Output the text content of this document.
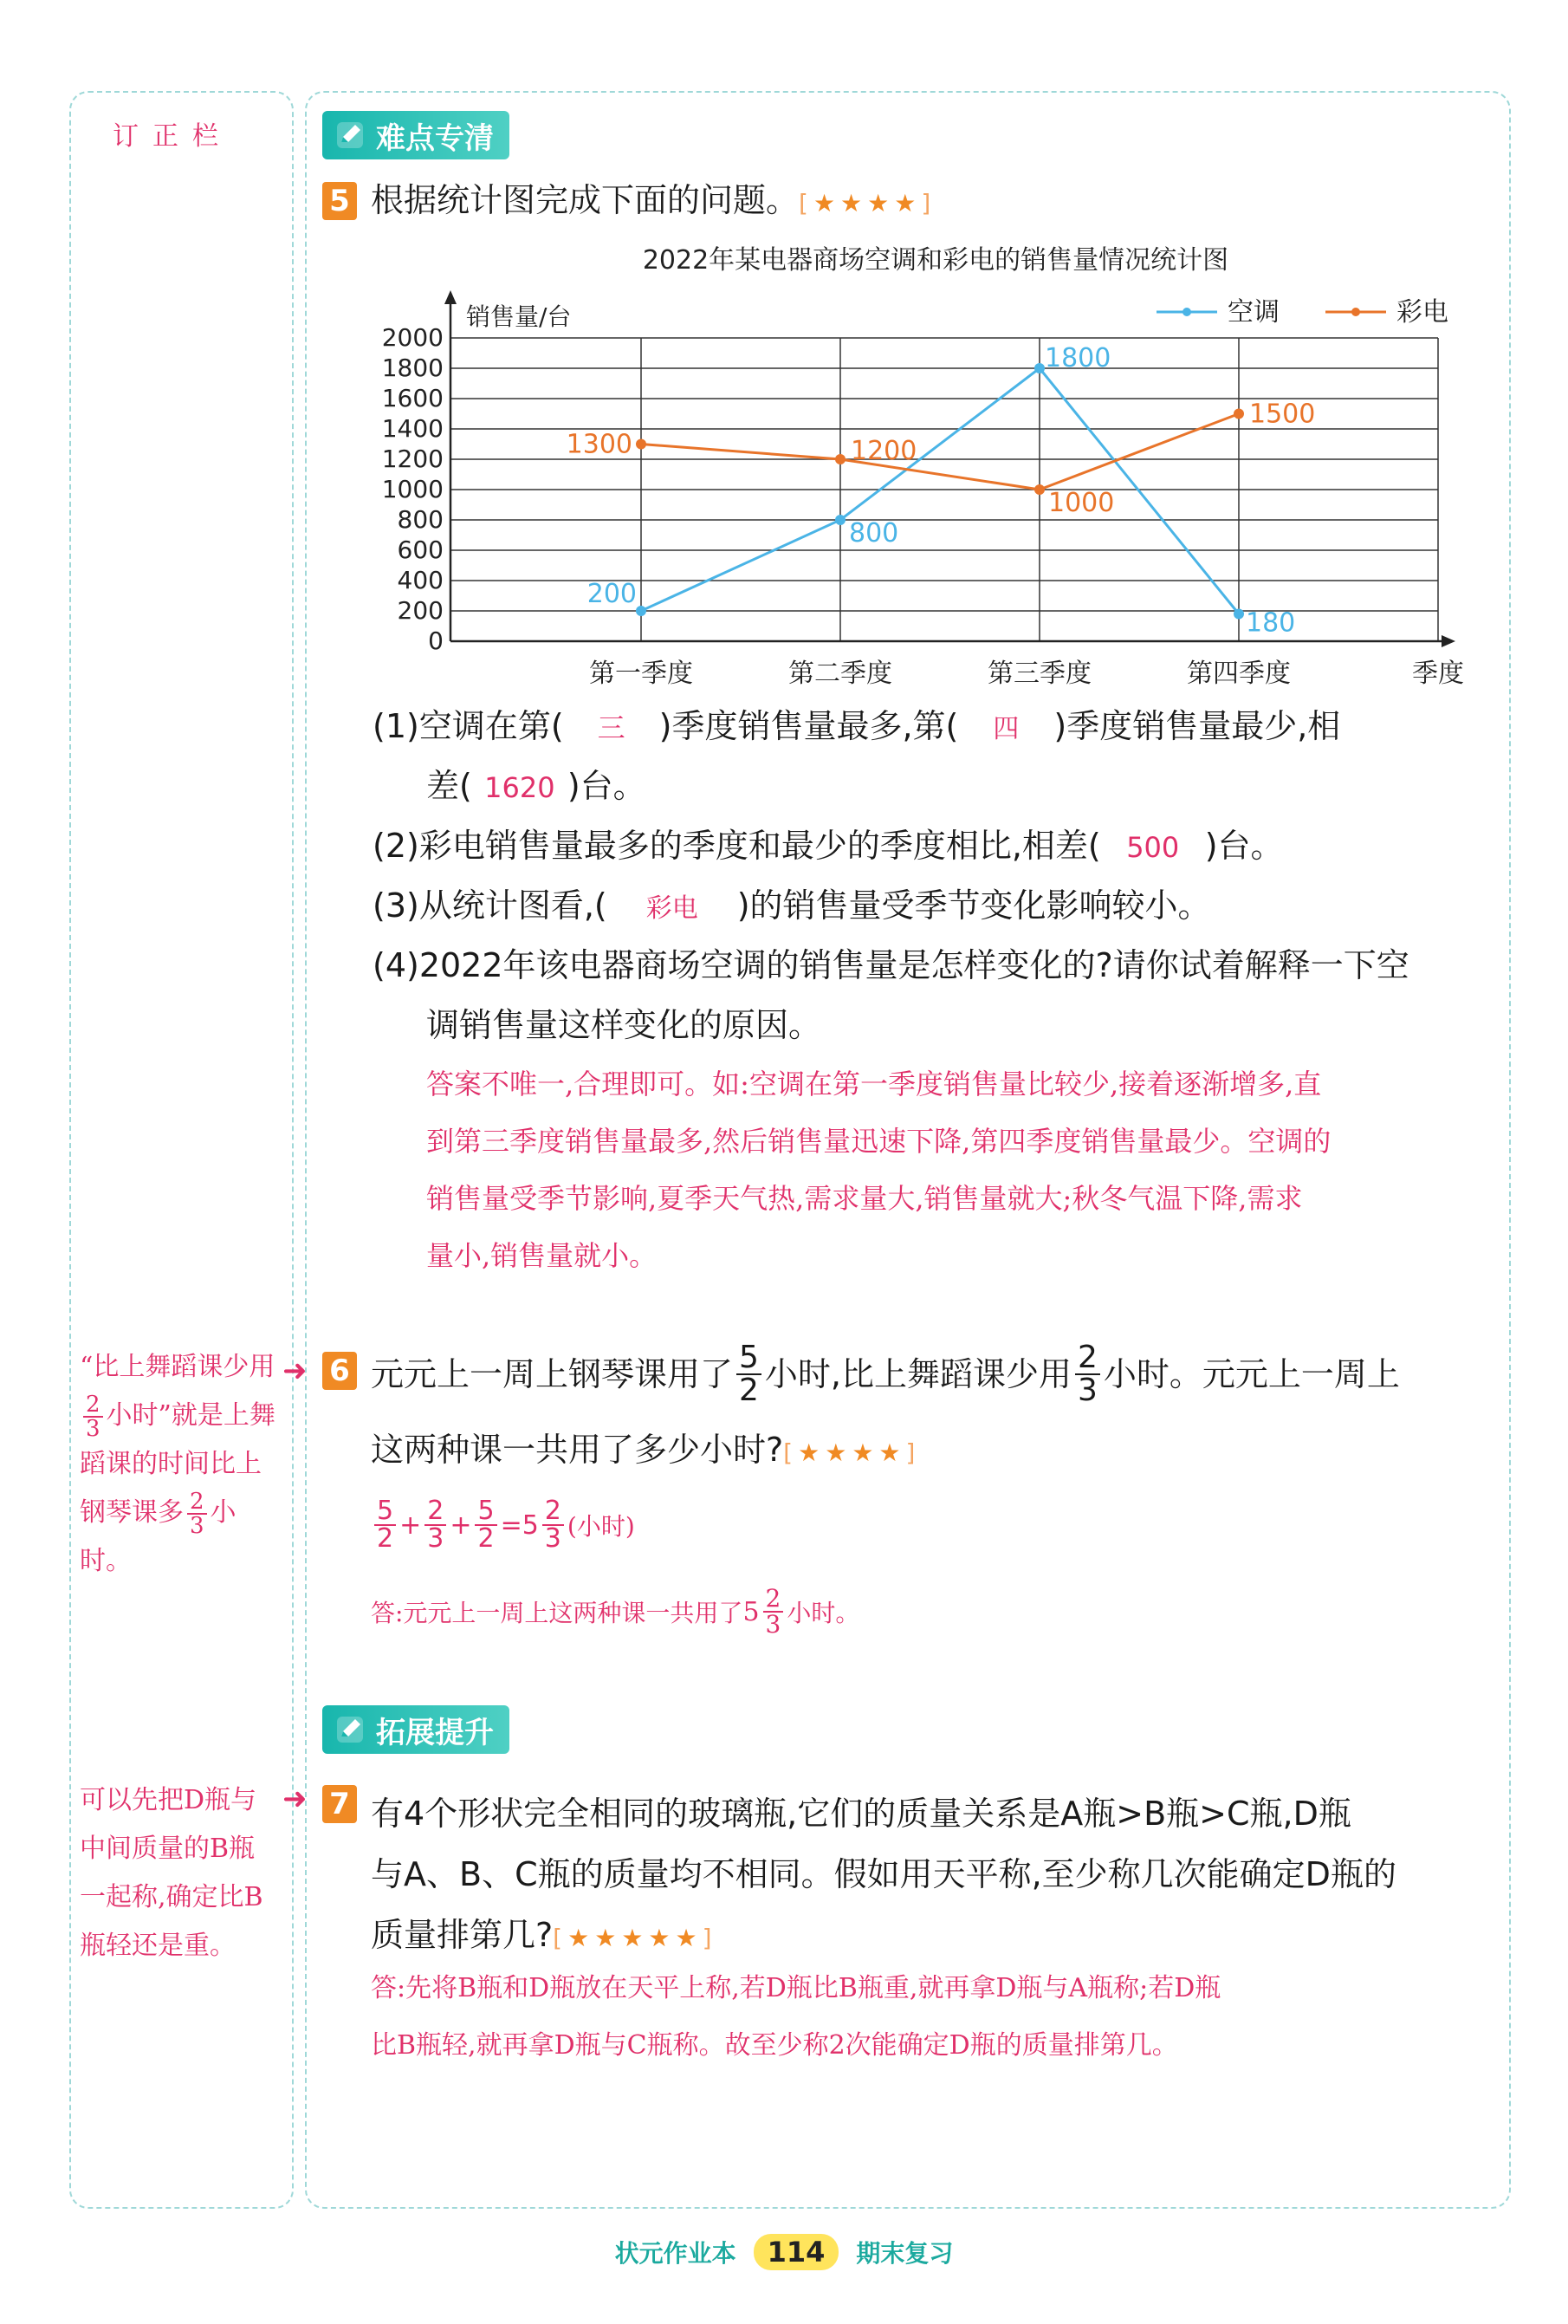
订正栏	难点专清
5 根据统计图完成下面的问题。[★★★★]
2022年某电器商场空调和彩电的销售量情况统计图
0
200
400
600
800
1000
1200
1400
1600
1800
2000
销售量/台
第一季度	第二季度	第三季度	第四季度	季度
空调	彩电
200
800
1800
180
1300	1200
1000
1500
(1)空调在第( 三 )季度销售量最多,第( 四 )季度销售量最少,相
差( 1620 )台。
(2)彩电销售量最多的季度和最少的季度相比,相差( 500 )台。
(3)从统计图看,( 彩电 )的销售量受季节变化影响较小。
(4)2022年该电器商场空调的销售量是怎样变化的?请你试着解释一下空
调销售量这样变化的原因。
答案不唯一,合理即可。如:空调在第一季度销售量比较少,接着逐渐增多,直
到第三季度销售量最多,然后销售量迅速下降,第四季度销售量最少。空调的
销售量受季节影响,夏季天气热,需求量大,销售量就大;秋冬气温下降,需求
量小,销售量就小。
“比上舞蹈课少用
$\frac{2}{3}$ 小时”就是上舞
蹈课的时间比上
钢琴课多 $\frac{2}{3}$ 小时。
➜ 6 元元上一周上钢琴课用了 $\frac{5}{2}$ 小时,比上舞蹈课少用 $\frac{2}{3}$ 小时。元元上一周上
这两种课一共用了多少小时?[★★★★]
$\frac{5}{2} + \frac{2}{3} + \frac{5}{2} = 5 \frac{2}{3}$ (小时)
答:元元上一周上这两种课一共用了 $5 \frac{2}{3}$ 小时。
拓展提升
可以先把D瓶与
中间质量的B瓶
一起称,确定比B
瓶轻还是重。
➜ 7 有4个形状完全相同的玻璃瓶,它们的质量关系是A瓶>B瓶>C瓶,D瓶
与A、B、C瓶的质量均不相同。假如用天平称,至少称几次能确定D瓶的
质量排第几?[★★★★★]
答:先将B瓶和D瓶放在天平上称,若D瓶比B瓶重,就再拿D瓶与A瓶称;若D瓶
比B瓶轻,就再拿D瓶与C瓶称。故至少称2次能确定D瓶的质量排第几。
状元作业本 114 期末复习
